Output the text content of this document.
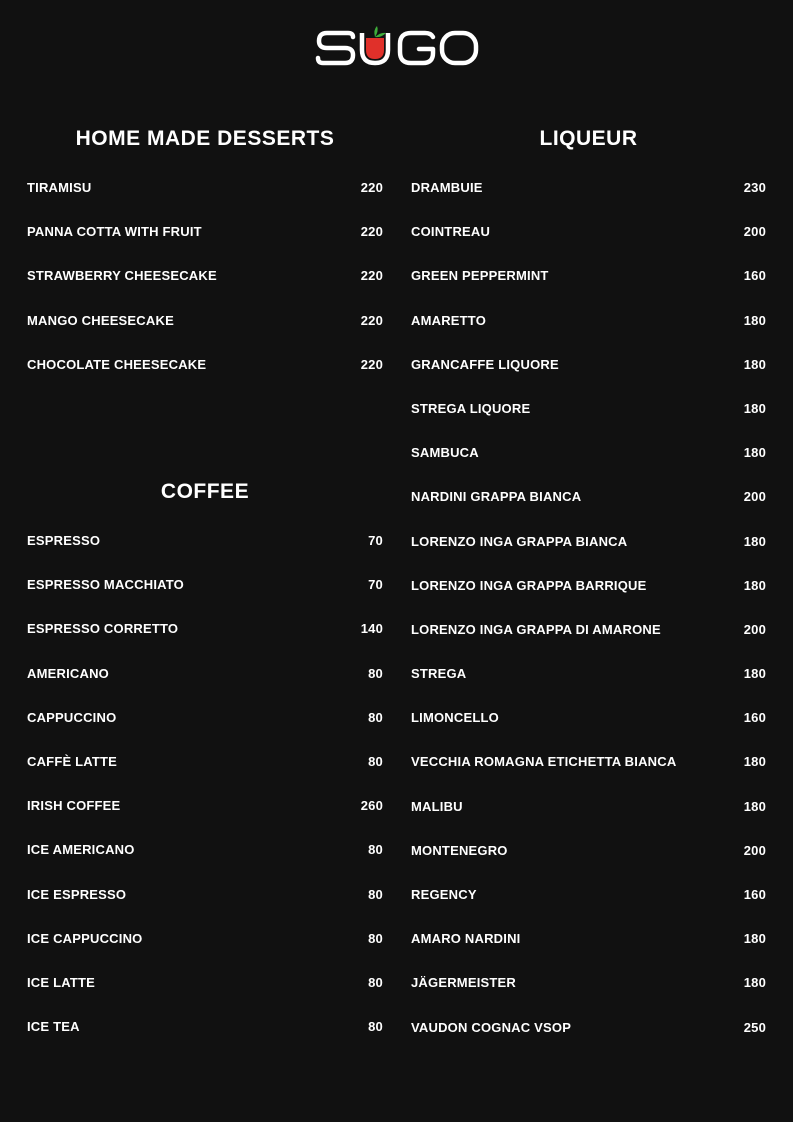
HOME MADE DESSERTS
COFFEE
LIQUEUR
TIRAMISU	220
PANNA COTTA WITH FRUIT	220
STRAWBERRY CHEESECAKE	220
MANGO CHEESECAKE	220
CHOCOLATE CHEESECAKE	220
ESPRESSO	70
ESPRESSO MACCHIATO	70
ESPRESSO CORRETTO	140
AMERICANO	80
CAPPUCCINO	80
CAFFÈ LATTE	80
IRISH COFFEE	260
ICE AMERICANO	80
ICE ESPRESSO	80
ICE CAPPUCCINO	80
ICE LATTE	80
ICE TEA	80
DRAMBUIE	230
COINTREAU	200
GREEN PEPPERMINT	160
AMARETTO	180
GRANCAFFE LIQUORE	180
STREGA LIQUORE	180
SAMBUCA	180
NARDINI GRAPPA BIANCA	200
LORENZO INGA GRAPPA BIANCA	180
LORENZO INGA GRAPPA BARRIQUE	180
LORENZO INGA GRAPPA DI AMARONE	200
STREGA	180
LIMONCELLO	160
VECCHIA ROMAGNA ETICHETTA BIANCA	180
MALIBU	180
MONTENEGRO	200
REGENCY	160
AMARO NARDINI	180
JÄGERMEISTER	180
VAUDON COGNAC VSOP	250
